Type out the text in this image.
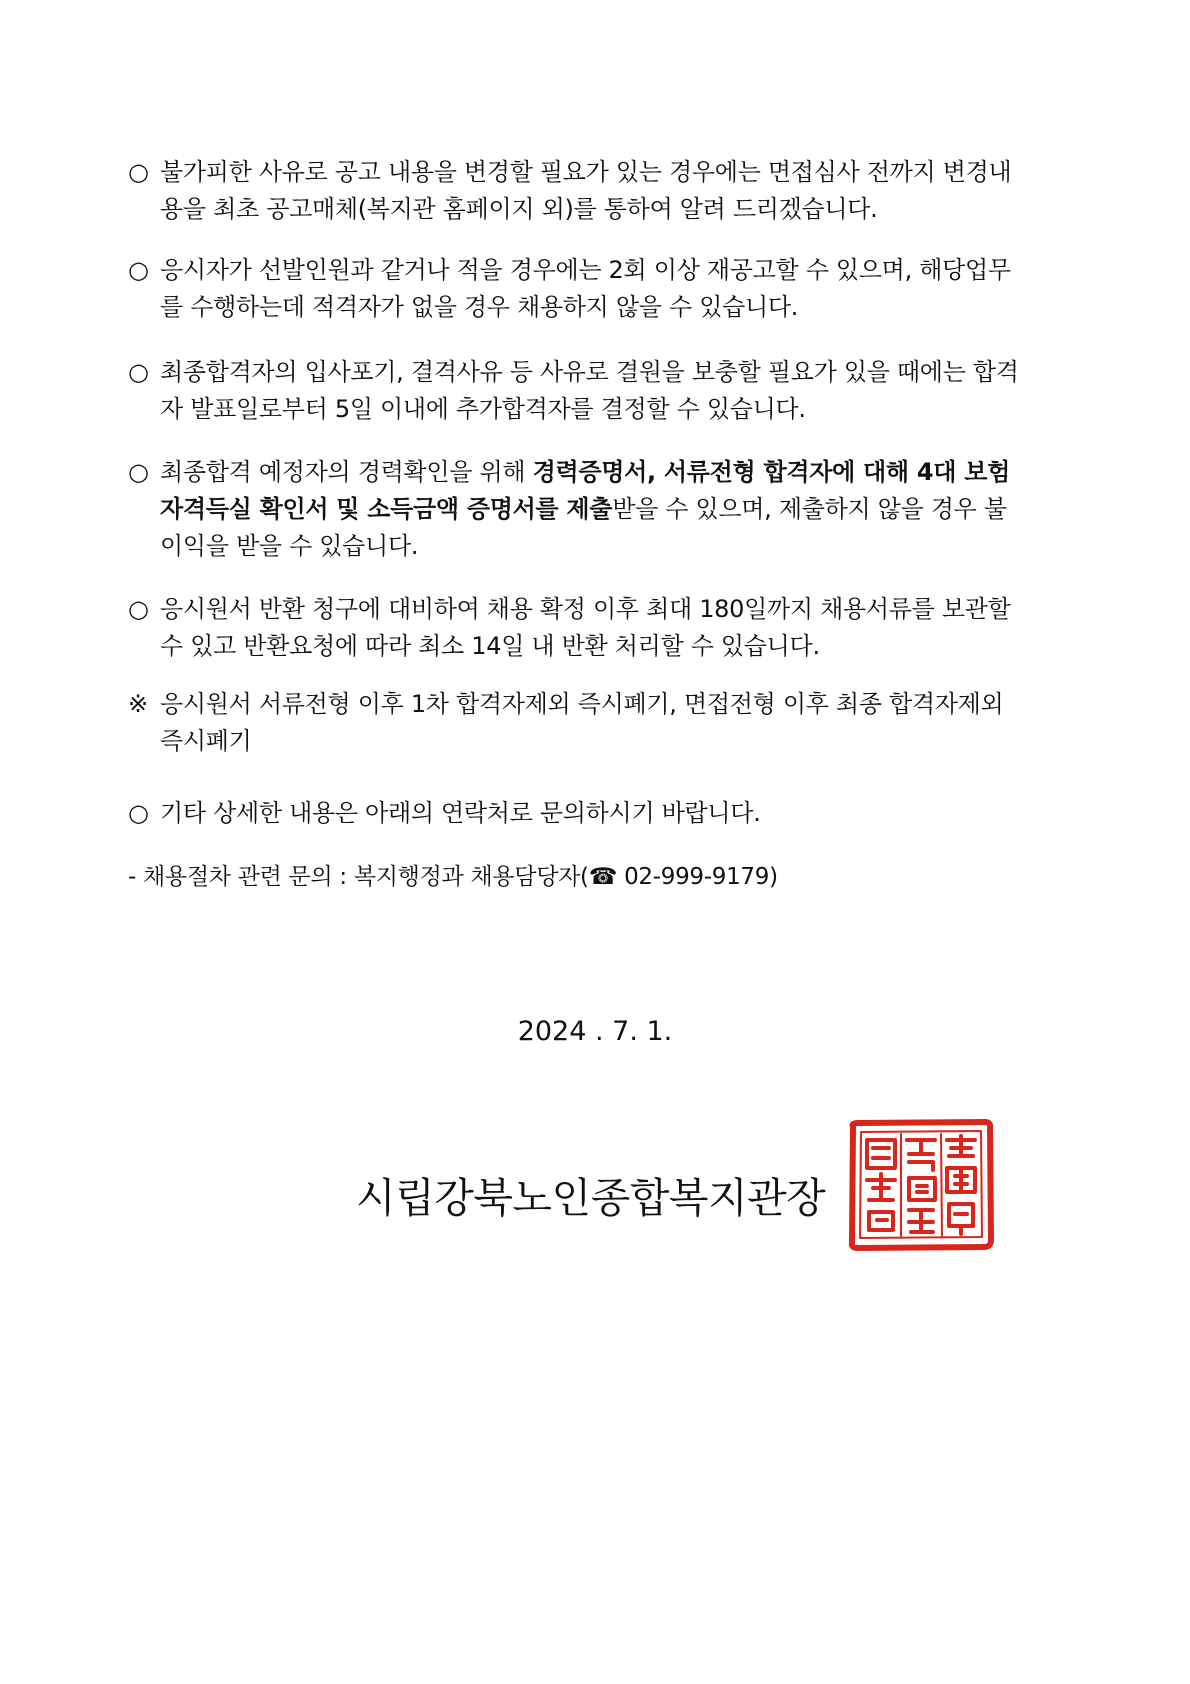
○ 불가피한 사유로 공고 내용을 변경할 필요가 있는 경우에는 면접심사 전까지 변경내
용을 최초 공고매체(복지관 홈페이지 외)를 통하여 알려 드리겠습니다.
○ 응시자가 선발인원과 같거나 적을 경우에는 2회 이상 재공고할 수 있으며, 해당업무
를 수행하는데 적격자가 없을 경우 채용하지 않을 수 있습니다.
○ 최종합격자의 입사포기, 결격사유 등 사유로 결원을 보충할 필요가 있을 때에는 합격
자 발표일로부터 5일 이내에 추가합격자를 결정할 수 있습니다.
○ 최종합격 예정자의 경력확인을 위해 경력증명서, 서류전형 합격자에 대해 4대 보험
자격득실 확인서 및 소득금액 증명서를 제출받을 수 있으며, 제출하지 않을 경우 불
이익을 받을 수 있습니다.
○ 응시원서 반환 청구에 대비하여 채용 확정 이후 최대 180일까지 채용서류를 보관할
수 있고 반환요청에 따라 최소 14일 내 반환 처리할 수 있습니다.
※ 응시원서 서류전형 이후 1차 합격자제외 즉시폐기, 면접전형 이후 최종 합격자제외
즉시폐기
○ 기타 상세한 내용은 아래의 연락처로 문의하시기 바랍니다.
- 채용절차 관련 문의 : 복지행정과 채용담당자(☎ 02-999-9179)
2024 . 7. 1.
시립강북노인종합복지관장
